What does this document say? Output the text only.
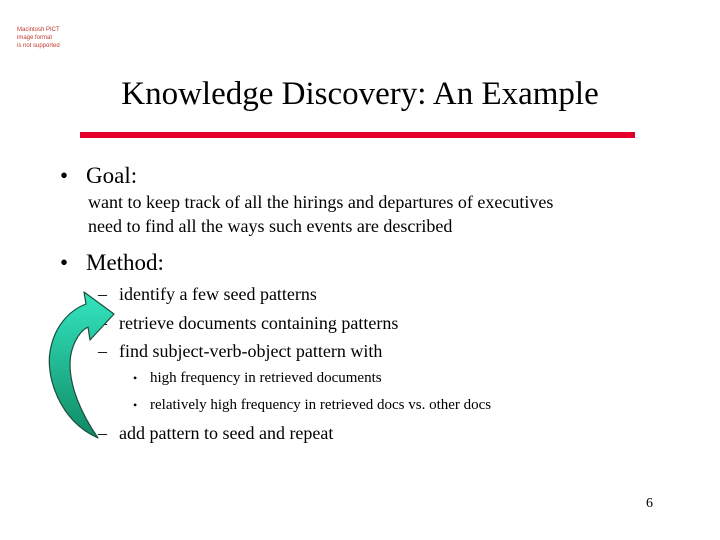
Macintosh PICT
image format
is not supported
Knowledge Discovery: An Example
• Goal:
want to keep track of all the hirings and departures of executives
need to find all the ways such events are described
• Method:
– identify a few seed patterns
retrieve documents containing patterns
– find subject-verb-object pattern with
• high frequency in retrieved documents
• relatively high frequency in retrieved docs vs. other docs
– add pattern to seed and repeat
6
